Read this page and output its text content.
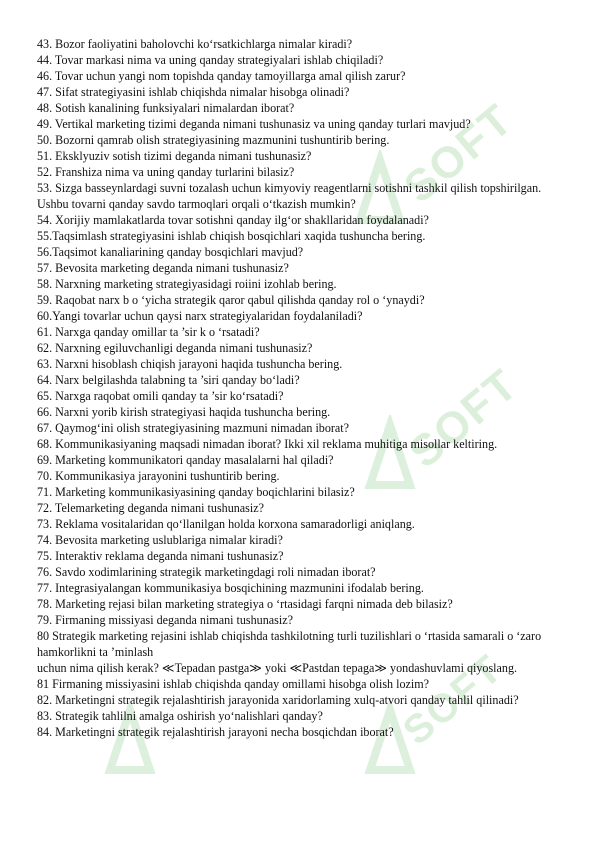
SOFT
SOFT
SOFT

43. Bozor faoliyatini baholovchi ko‘rsatkichlarga nimalar kiradi?

44. Tovar markasi nima va uning qanday strategiyalari ishlab chiqiladi?

46. Tovar uchun yangi nom topishda qanday tamoyillarga amal qilish zarur?

47. Sifat strategiyasini ishlab chiqishda nimalar hisobga olinadi?

48. Sotish kanalining funksiyalari nimalardan iborat?

49. Vertikal marketing tizimi deganda nimani tushunasiz va uning qanday turlari mavjud?

50. Bozorni qamrab olish strategiyasining mazmunini tushuntirib bering.

51. Eksklyuziv sotish tizimi deganda nimani tushunasiz?

52. Franshiza nima va uning qanday turlarini bilasiz?

53. Sizga basseynlardagi suvni tozalash uchun kimyoviy reagentlarni sotishni tashkil qilish topshirilgan. Ushbu tovarni qanday savdo tarmoqlari orqali o‘tkazish mumkin?

54. Xorijiy mamlakatlarda tovar sotishni qanday ilg‘or shakllaridan foydalanadi?

55.Taqsimlash strategiyasini ishlab chiqish bosqichlari xaqida tushuncha bering.

56.Taqsimot kanaliarining qanday bosqichlari mavjud?

57. Bevosita marketing deganda nimani tushunasiz?

58. Narxning marketing strategiyasidagi roiini izohlab bering.

59. Raqobat narx b o ‘yicha strategik qaror qabul qilishda qanday rol o ‘ynaydi?

60.Yangi tovarlar uchun qaysi narx strategiyalaridan foydalaniladi?

61. Narxga qanday omillar ta ’sir k o ‘rsatadi?

62. Narxning egiluvchanligi deganda nimani tushunasiz?

63. Narxni hisoblash chiqish jarayoni haqida tushuncha bering.

64. Narx belgilashda talabning ta ’siri qanday bo‘ladi?

65. Narxga raqobat omili qanday ta ’sir ko‘rsatadi?

66. Narxni yorib kirish strategiyasi haqida tushuncha bering.

67. Qaymog‘ini olish strategiyasining mazmuni nimadan iborat?

68. Kommunikasiyaning maqsadi nimadan iborat? Ikki xil reklama muhitiga misollar keltiring.

69. Marketing kommunikatori qanday masalalarni hal qiladi?

70. Kommunikasiya jarayonini tushuntirib bering.

71. Marketing kommunikasiyasining qanday boqichlarini bilasiz?

72. Telemarketing deganda nimani tushunasiz?

73. Reklama vositalaridan qo‘llanilgan holda korxona samaradorligi aniqlang.

74. Bevosita marketing uslublariga nimalar kiradi?

75. Interaktiv reklama deganda nimani tushunasiz?

76. Savdo xodimlarining strategik marketingdagi roli nimadan iborat?

77. Integrasiyalangan kommunikasiya bosqichining mazmunini ifodalab bering.

78. Marketing rejasi bilan marketing strategiya o ‘rtasidagi farqni nimada deb bilasiz?

79. Firmaning missiyasi deganda nimani tushunasiz?

80 Strategik marketing rejasini ishlab chiqishda tashkilotning turli tuzilishlari o ‘rtasida samarali o ‘zaro hamkorlikni ta ’minlash

uchun nima qilish kerak? ≪Tepadan pastga≫ yoki ≪Pastdan tepaga≫ yondashuvlami qiyoslang.

81 Firmaning missiyasini ishlab chiqishda qanday omillami hisobga olish lozim?

82. Marketingni strategik rejalashtirish jarayonida xaridorlaming xulq-atvori qanday tahlil qilinadi?

83. Strategik tahlilni amalga oshirish yo‘nalishlari qanday?

84. Marketingni strategik rejalashtirish jarayoni necha bosqichdan iborat?
